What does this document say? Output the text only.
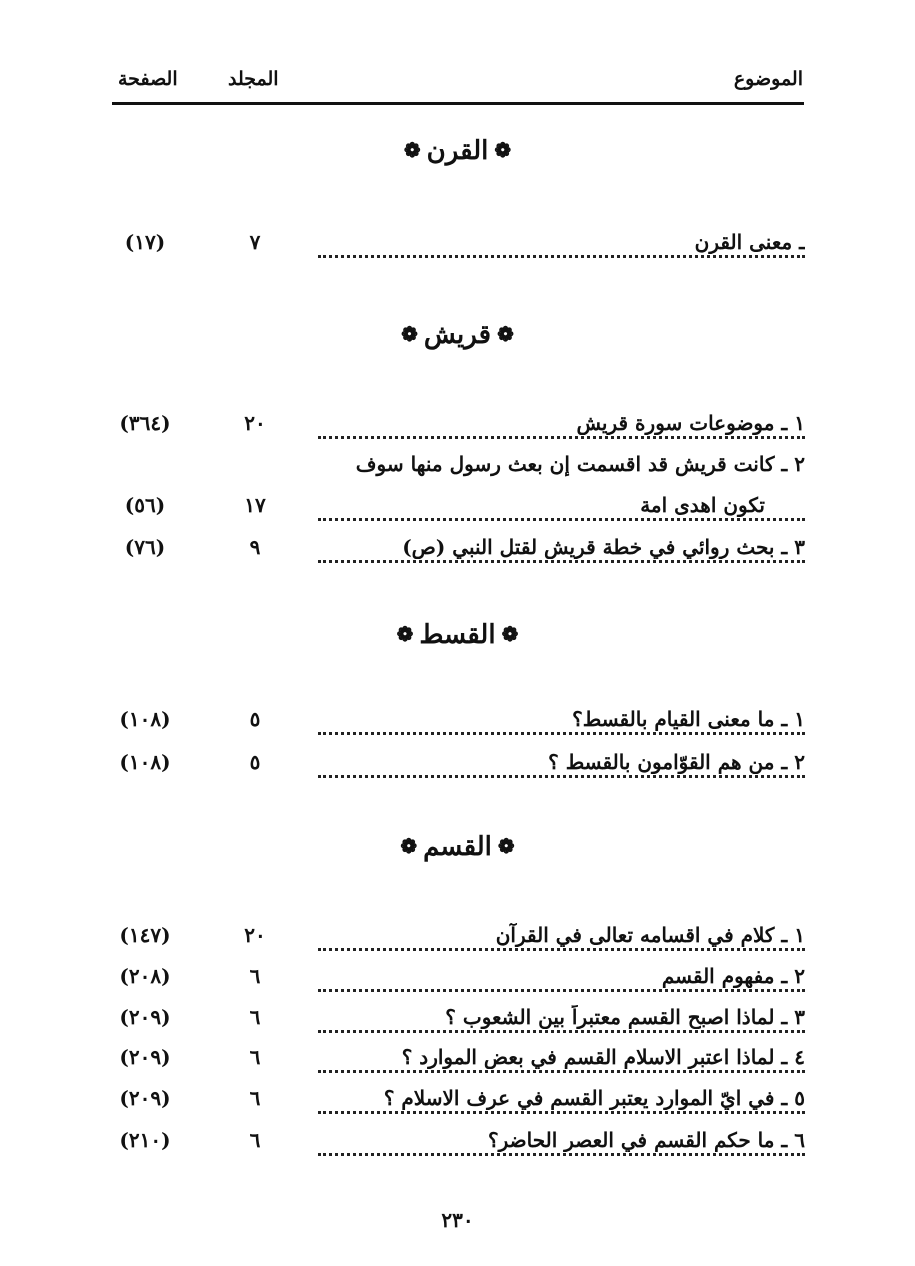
الموضوع
المجلد
الصفحة
❁القرن❁
ـ معنى القرن
٧
(١٧)
❁قريش❁
١ ـ موضوعات سورة قريش
٢٠
(٣٦٤)
٢ ـ كانت قريش قد اقسمت إن بعث رسول منها سوف
تكون اهدى امة
١٧
(٥٦)
٣ ـ بحث روائي في خطة قريش لقتل النبي (ص)
٩
(٧٦)
❁القسط❁
١ ـ ما معنى القيام بالقسط؟
٥
(١٠٨)
٢ ـ من هم القوّامون بالقسط ؟
٥
(١٠٨)
❁القسم❁
١ ـ كلام في اقسامه تعالى في القرآن
٢٠
(١٤٧)
٢ ـ مفهوم القسم
٦
(٢٠٨)
٣ ـ لماذا اصبح القسم معتبراً بين الشعوب ؟
٦
(٢٠٩)
٤ ـ لماذا اعتبر الاسلام القسم في بعض الموارد ؟
٦
(٢٠٩)
٥ ـ في ايّ الموارد يعتبر القسم في عرف الاسلام ؟
٦
(٢٠٩)
٦ ـ ما حكم القسم في العصر الحاضر؟
٦
(٢١٠)
٢٣٠
